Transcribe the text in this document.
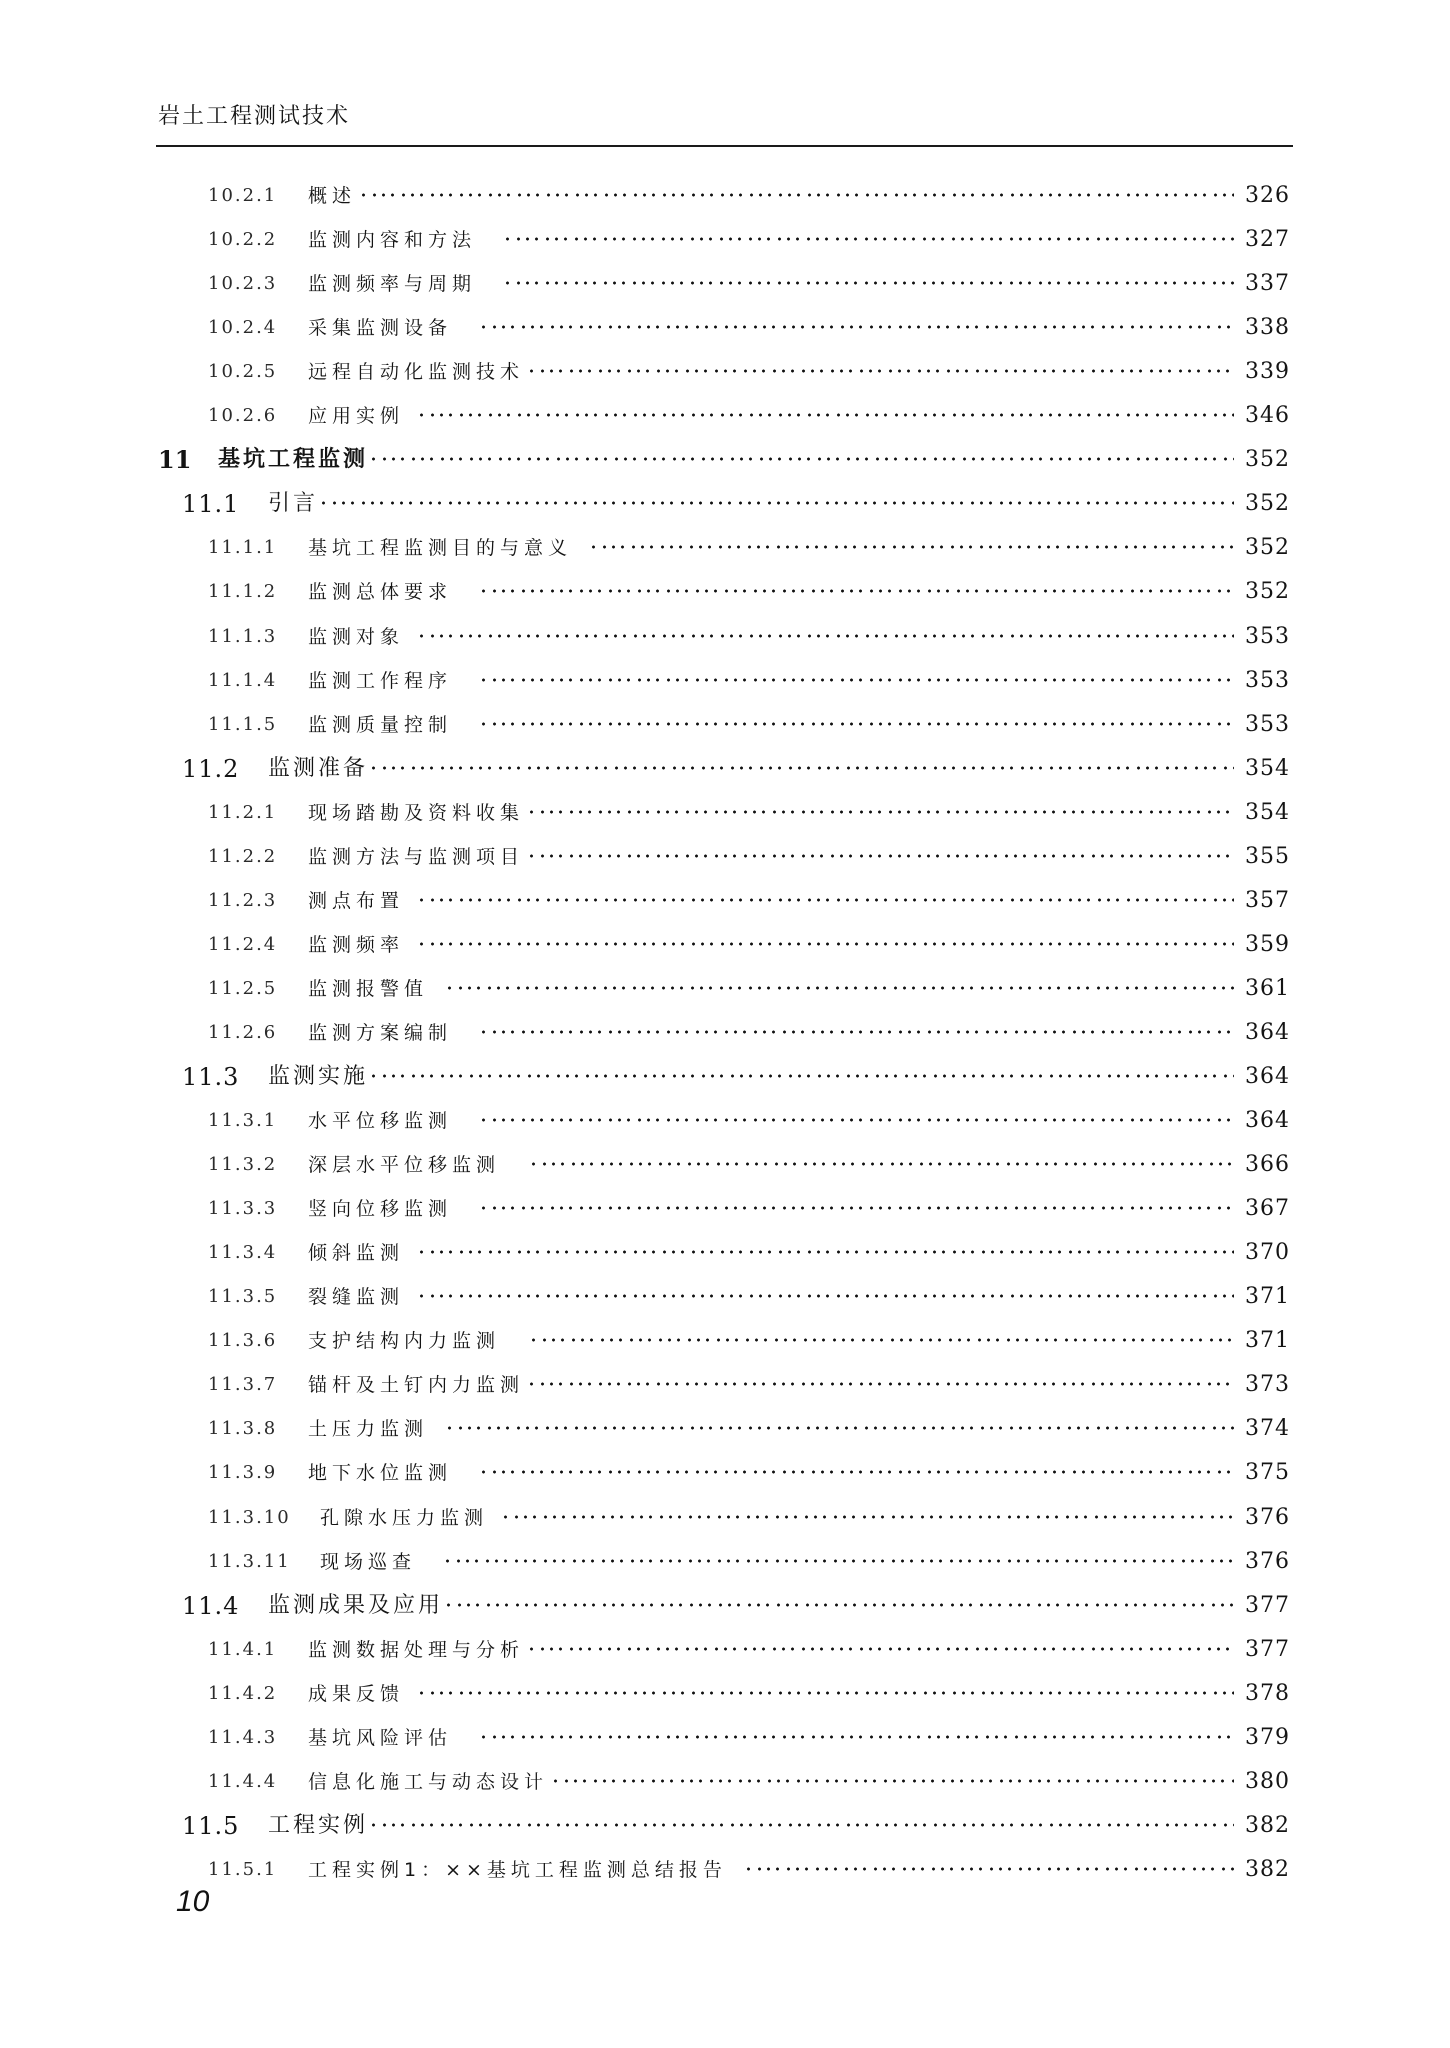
岩土工程测试技术
10.2.1 概述	326
10.2.2 监测内容和方法	327
10.2.3 监测频率与周期	337
10.2.4 采集监测设备	338
10.2.5 远程自动化监测技术	339
10.2.6 应用实例	346
11 基坑工程监测	352
11.1 引言	352
11.1.1 基坑工程监测目的与意义	352
11.1.2 监测总体要求	352
11.1.3 监测对象	353
11.1.4 监测工作程序	353
11.1.5 监测质量控制	353
11.2 监测准备	354
11.2.1 现场踏勘及资料收集	354
11.2.2 监测方法与监测项目	355
11.2.3 测点布置	357
11.2.4 监测频率	359
11.2.5 监测报警值	361
11.2.6 监测方案编制	364
11.3 监测实施	364
11.3.1 水平位移监测	364
11.3.2 深层水平位移监测	366
11.3.3 竖向位移监测	367
11.3.4 倾斜监测	370
11.3.5 裂缝监测	371
11.3.6 支护结构内力监测	371
11.3.7 锚杆及土钉内力监测	373
11.3.8 土压力监测	374
11.3.9 地下水位监测	375
11.3.10 孔隙水压力监测	376
11.3.11 现场巡查	376
11.4 监测成果及应用	377
11.4.1 监测数据处理与分析	377
11.4.2 成果反馈	378
11.4.3 基坑风险评估	379
11.4.4 信息化施工与动态设计	380
11.5 工程实例	382
11.5.1 工程实例1：××基坑工程监测总结报告	382
10
